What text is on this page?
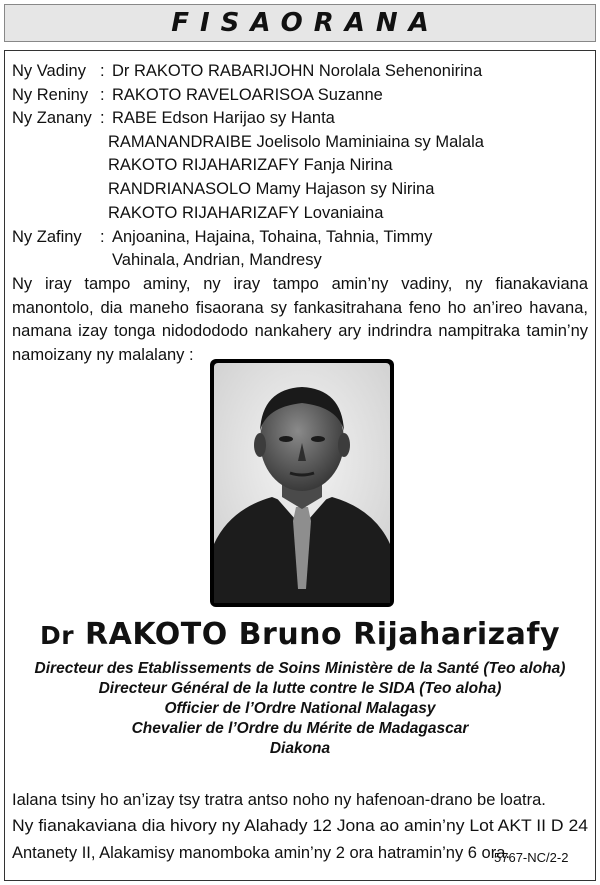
FISAORANA
Ny Vadiny : Dr RAKOTO RABARIJOHN Norolala Sehenonirina
Ny Reniny : RAKOTO RAVELOARISOA Suzanne
Ny Zanany : RABE Edson Harijao sy Hanta
RAMANANDRAIBE Joelisolo Maminiaina sy Malala
RAKOTO RIJAHARIZAFY Fanja Nirina
RANDRIANASOLO Mamy Hajason sy Nirina
RAKOTO RIJAHARIZAFY Lovaniaina
Ny Zafiny : Anjoanina, Hajaina, Tohaina, Tahnia, Timmy
Vahinala, Andrian, Mandresy
Ny iray tampo aminy, ny iray tampo amin’ny vadiny, ny fianakaviana manontolo, dia maneho fisaorana sy fankasitrahana feno ho an’ireo havana, namana izay tonga nidodododo nankahery ary indrindra nampitraka tamin’ny namoizany ny malalany :
Dr RAKOTO Bruno Rijaharizafy
Directeur des Etablissements de Soins Ministère de la Santé (Teo aloha)
Directeur Général de la lutte contre le SIDA (Teo aloha)
Officier de l’Ordre National Malagasy
Chevalier de l’Ordre du Mérite de Madagascar
Diakona
Ialana tsiny ho an’izay tsy tratra antso noho ny hafenoan-drano be loatra.
Ny fianakaviana dia hivory ny Alahady 12 Jona ao amin’ny Lot AKT II D 24
Antanety II, Alakamisy manomboka amin’ny 2 ora hatramin’ny 6 ora.
5767-NC/2-2
